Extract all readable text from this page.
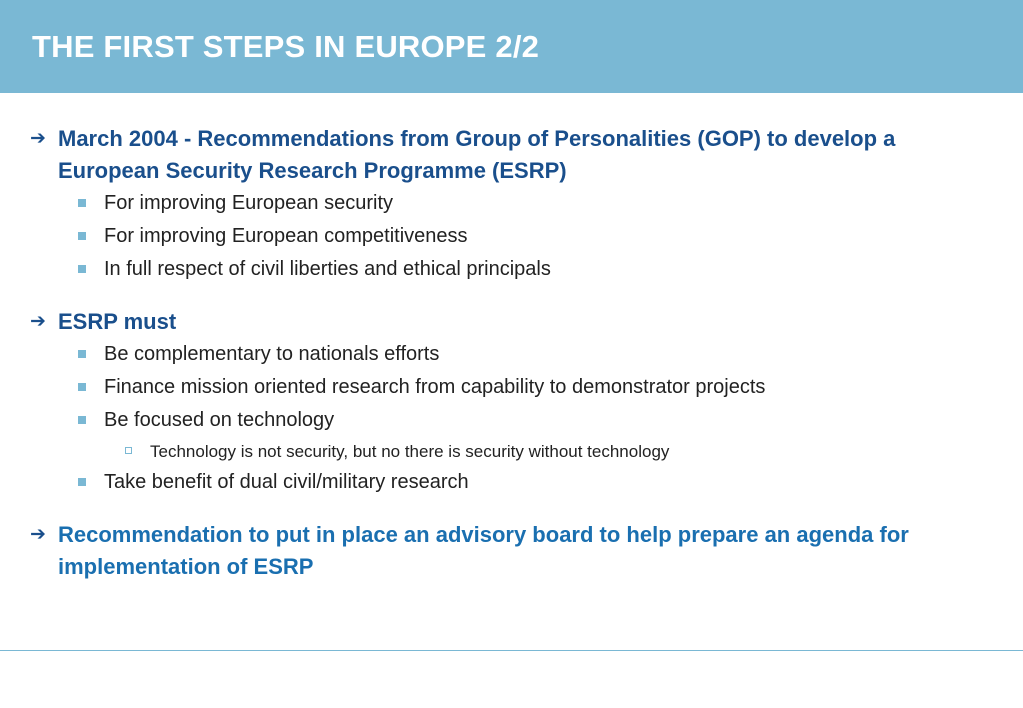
THE FIRST STEPS IN EUROPE 2/2
➔ March 2004 - Recommendations from Group of Personalities (GOP) to develop a European Security Research Programme (ESRP)
For improving European security
For improving European competitiveness
In full respect of civil liberties and ethical principals
➔ ESRP must
Be complementary to nationals efforts
Finance mission oriented research from capability to demonstrator projects
Be focused on technology
Technology is not security, but no there is security without technology
Take benefit of dual civil/military research
➔ Recommendation to put in place an advisory board to help prepare an agenda for implementation of ESRP
